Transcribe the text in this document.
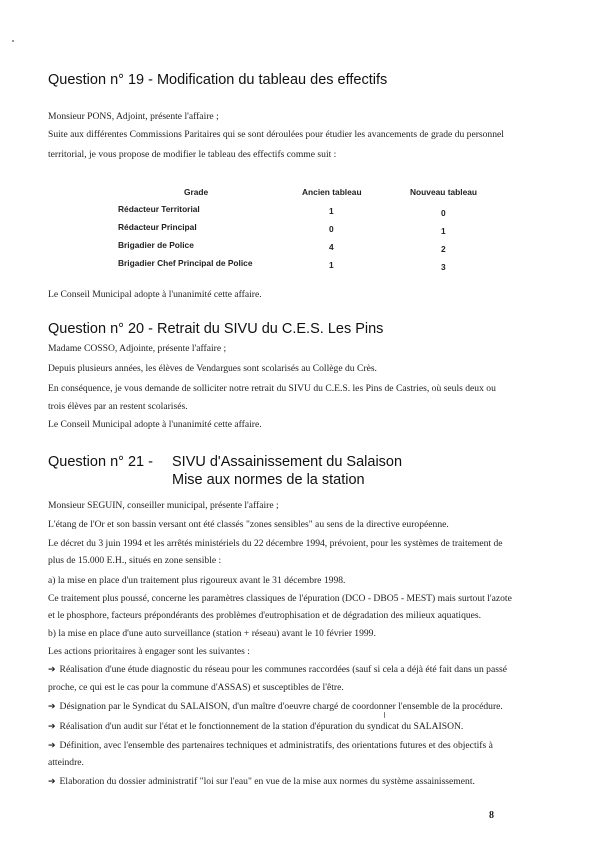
Question n° 19 - Modification du tableau des effectifs
Monsieur PONS, Adjoint, présente l'affaire ;
Suite aux différentes Commissions Paritaires qui se sont déroulées pour étudier les avancements de grade du personnel
territorial, je vous propose de modifier le tableau des effectifs comme suit :
Grade	Ancien tableau	Nouveau tableau
Rédacteur Territorial	1	0
Rédacteur Principal	0	1
Brigadier de Police	4	2
Brigadier Chef Principal de Police	1	3
Le Conseil Municipal adopte à l'unanimité cette affaire.
Question n° 20 - Retrait du SIVU du C.E.S. Les Pins
Madame COSSO, Adjointe, présente l'affaire ;
Depuis plusieurs années, les élèves de Vendargues sont scolarisés au Collège du Crès.
En conséquence, je vous demande de solliciter notre retrait du SIVU du C.E.S. les Pins de Castries, où seuls deux ou
trois élèves par an restent scolarisés.
Le Conseil Municipal adopte à l'unanimité cette affaire.
Question n° 21 - SIVU d'Assainissement du Salaison
Mise aux normes de la station
Monsieur SEGUIN, conseiller municipal, présente l'affaire ;
L'étang de l'Or et son bassin versant ont été classés "zones sensibles" au sens de la directive européenne.
Le décret du 3 juin 1994 et les arrêtés ministériels du 22 décembre 1994, prévoient, pour les systèmes de traitement de
plus de 15.000 E.H., situés en zone sensible :
a) la mise en place d'un traitement plus rigoureux avant le 31 décembre 1998.
Ce traitement plus poussé, concerne les paramètres classiques de l'épuration (DCO - DBO5 - MEST) mais surtout l'azote
et le phosphore, facteurs prépondérants des problèmes d'eutrophisation et de dégradation des milieux aquatiques.
b) la mise en place d'une auto surveillance (station + réseau) avant le 10 février 1999.
Les actions prioritaires à engager sont les suivantes :
➔ Réalisation d'une étude diagnostic du réseau pour les communes raccordées (sauf si cela a déjà été fait dans un passé
proche, ce qui est le cas pour la commune d'ASSAS) et susceptibles de l'être.
➔ Désignation par le Syndicat du SALAISON, d'un maître d'oeuvre chargé de coordonner l'ensemble de la procédure.
➔ Réalisation d'un audit sur l'état et le fonctionnement de la station d'épuration du syndicat du SALAISON.
➔ Définition, avec l'ensemble des partenaires techniques et administratifs, des orientations futures et des objectifs à
atteindre.
➔ Elaboration du dossier administratif "loi sur l'eau" en vue de la mise aux normes du système assainissement.
8
